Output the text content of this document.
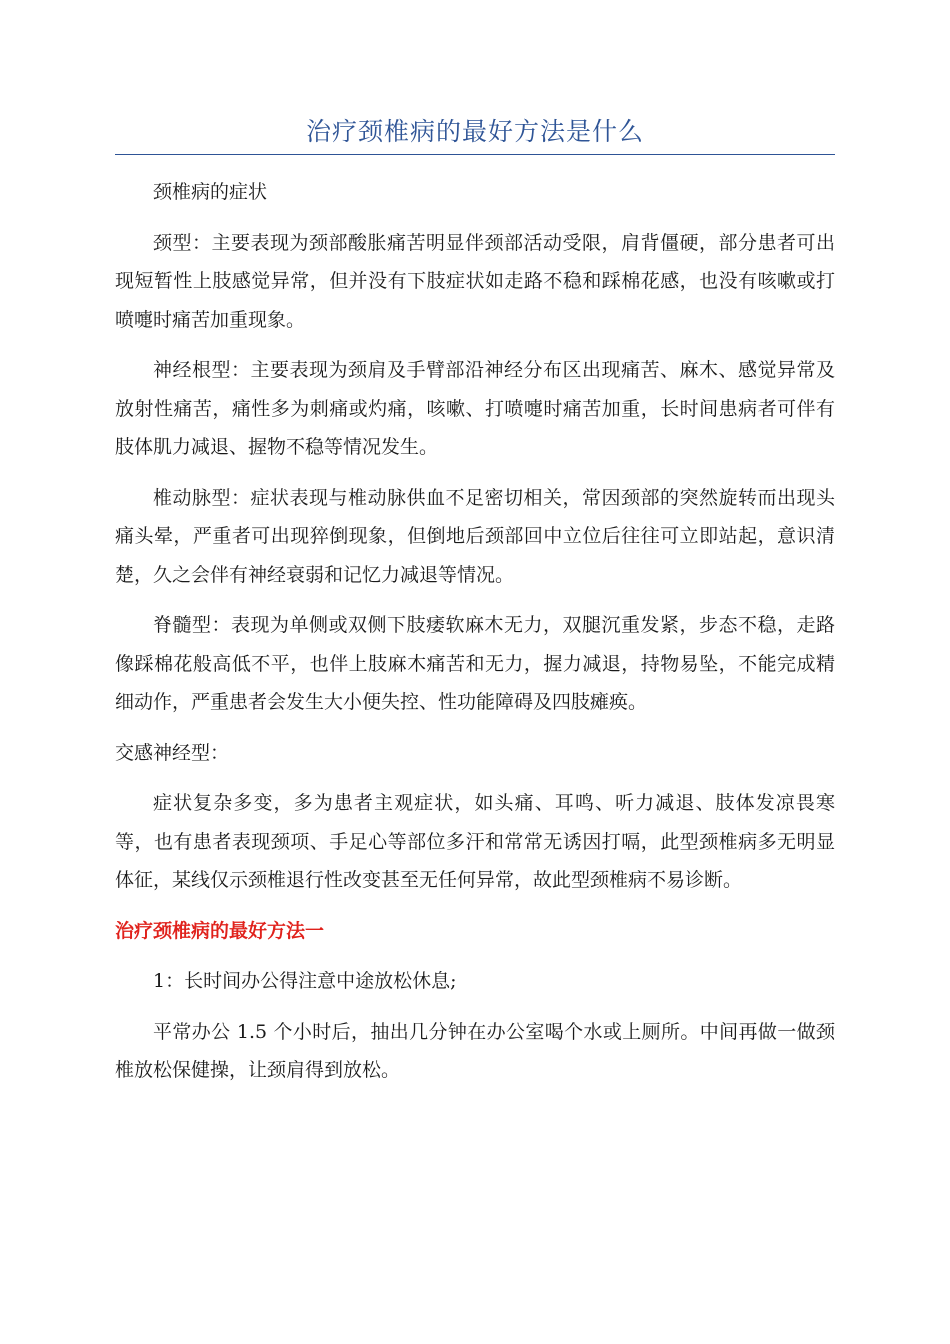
治疗颈椎病的最好方法是什么

颈椎病的症状

颈型：主要表现为颈部酸胀痛苦明显伴颈部活动受限，肩背僵硬，部分患者可出现短暂性上肢感觉异常，但并没有下肢症状如走路不稳和踩棉花感，也没有咳嗽或打喷嚏时痛苦加重现象。

神经根型：主要表现为颈肩及手臂部沿神经分布区出现痛苦、麻木、感觉异常及放射性痛苦，痛性多为刺痛或灼痛，咳嗽、打喷嚏时痛苦加重，长时间患病者可伴有肢体肌力减退、握物不稳等情况发生。

椎动脉型：症状表现与椎动脉供血不足密切相关，常因颈部的突然旋转而出现头痛头晕，严重者可出现猝倒现象，但倒地后颈部回中立位后往往可立即站起，意识清楚，久之会伴有神经衰弱和记忆力减退等情况。

脊髓型：表现为单侧或双侧下肢痿软麻木无力，双腿沉重发紧，步态不稳，走路像踩棉花般高低不平，也伴上肢麻木痛苦和无力，握力减退，持物易坠，不能完成精细动作，严重患者会发生大小便失控、性功能障碍及四肢瘫痪。

交感神经型：

症状复杂多变，多为患者主观症状，如头痛、耳鸣、听力减退、肢体发凉畏寒等，也有患者表现颈项、手足心等部位多汗和常常无诱因打嗝，此型颈椎病多无明显体征，某线仅示颈椎退行性改变甚至无任何异常，故此型颈椎病不易诊断。

治疗颈椎病的最好方法一

1：长时间办公得注意中途放松休息;

平常办公 1.5 个小时后，抽出几分钟在办公室喝个水或上厕所。中间再做一做颈椎放松保健操，让颈肩得到放松。
